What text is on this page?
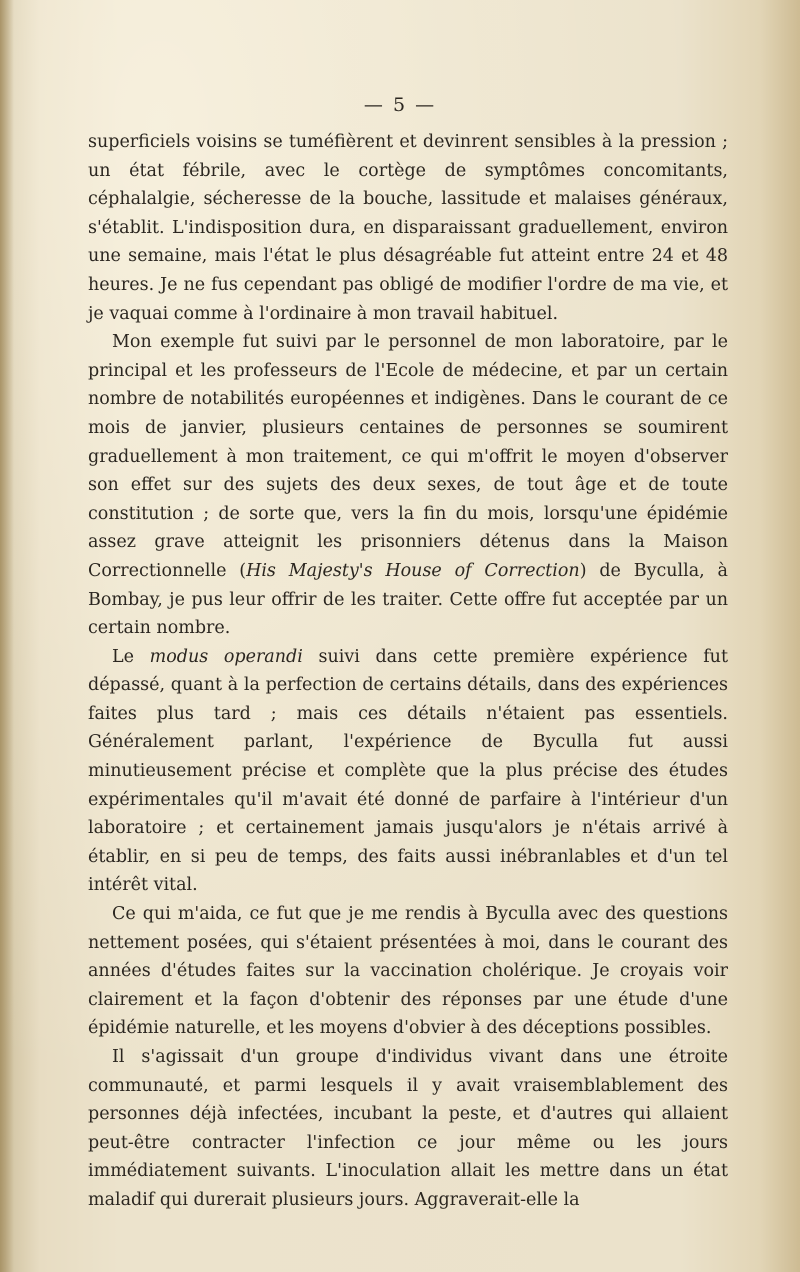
— 5 —

superficiels voisins se tuméfièrent et devinrent sensibles à la pression ; un état fébrile, avec le cortège de symptômes concomitants, céphalalgie, sécheresse de la bouche, lassitude et malaises généraux, s'établit. L'indisposition dura, en disparaissant graduellement, environ une semaine, mais l'état le plus désagréable fut atteint entre 24 et 48 heures. Je ne fus cependant pas obligé de modifier l'ordre de ma vie, et je vaquai comme à l'ordinaire à mon travail habituel.

Mon exemple fut suivi par le personnel de mon laboratoire, par le principal et les professeurs de l'Ecole de médecine, et par un certain nombre de notabilités européennes et indigènes. Dans le courant de ce mois de janvier, plusieurs centaines de personnes se soumirent graduellement à mon traitement, ce qui m'offrit le moyen d'observer son effet sur des sujets des deux sexes, de tout âge et de toute constitution ; de sorte que, vers la fin du mois, lorsqu'une épidémie assez grave atteignit les prisonniers détenus dans la Maison Correctionnelle (His Majesty's House of Correction) de Byculla, à Bombay, je pus leur offrir de les traiter. Cette offre fut acceptée par un certain nombre.

Le modus operandi suivi dans cette première expérience fut dépassé, quant à la perfection de certains détails, dans des expériences faites plus tard ; mais ces détails n'étaient pas essentiels. Généralement parlant, l'expérience de Byculla fut aussi minutieusement précise et complète que la plus précise des études expérimentales qu'il m'avait été donné de parfaire à l'intérieur d'un laboratoire ; et certainement jamais jusqu'alors je n'étais arrivé à établir, en si peu de temps, des faits aussi inébranlables et d'un tel intérêt vital.

Ce qui m'aida, ce fut que je me rendis à Byculla avec des questions nettement posées, qui s'étaient présentées à moi, dans le courant des années d'études faites sur la vaccination cholérique. Je croyais voir clairement et la façon d'obtenir des réponses par une étude d'une épidémie naturelle, et les moyens d'obvier à des déceptions possibles.

Il s'agissait d'un groupe d'individus vivant dans une étroite communauté, et parmi lesquels il y avait vraisemblablement des personnes déjà infectées, incubant la peste, et d'autres qui allaient peut-être contracter l'infection ce jour même ou les jours immédiatement suivants. L'inoculation allait les mettre dans un état maladif qui durerait plusieurs jours. Aggraverait-elle la
